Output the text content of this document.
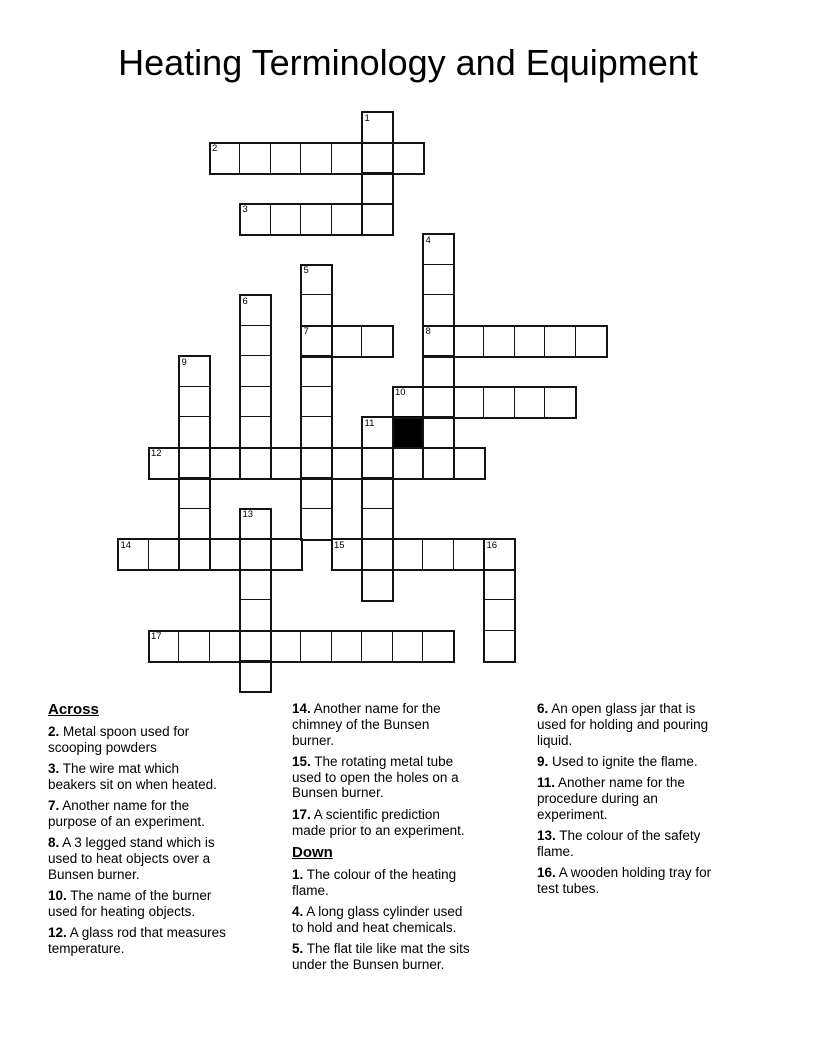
Heating Terminology and Equipment
2
3
7	8
10
12
14	15	16
17
1
4
5
6
9
11
13
Across
2. Metal spoon used for scooping powders
3. The wire mat which beakers sit on when heated.
7. Another name for the purpose of an experiment.
8. A 3 legged stand which is used to heat objects over a Bunsen burner.
10. The name of the burner used for heating objects.
12. A glass rod that measures temperature.
14. Another name for the chimney of the Bunsen burner.
15. The rotating metal tube used to open the holes on a Bunsen burner.
17. A scientific prediction made prior to an experiment.
Down
1. The colour of the heating flame.
4. A long glass cylinder used to hold and heat chemicals.
5. The flat tile like mat the sits under the Bunsen burner.
6. An open glass jar that is used for holding and pouring liquid.
9. Used to ignite the flame.
11. Another name for the procedure during an experiment.
13. The colour of the safety flame.
16. A wooden holding tray for test tubes.
